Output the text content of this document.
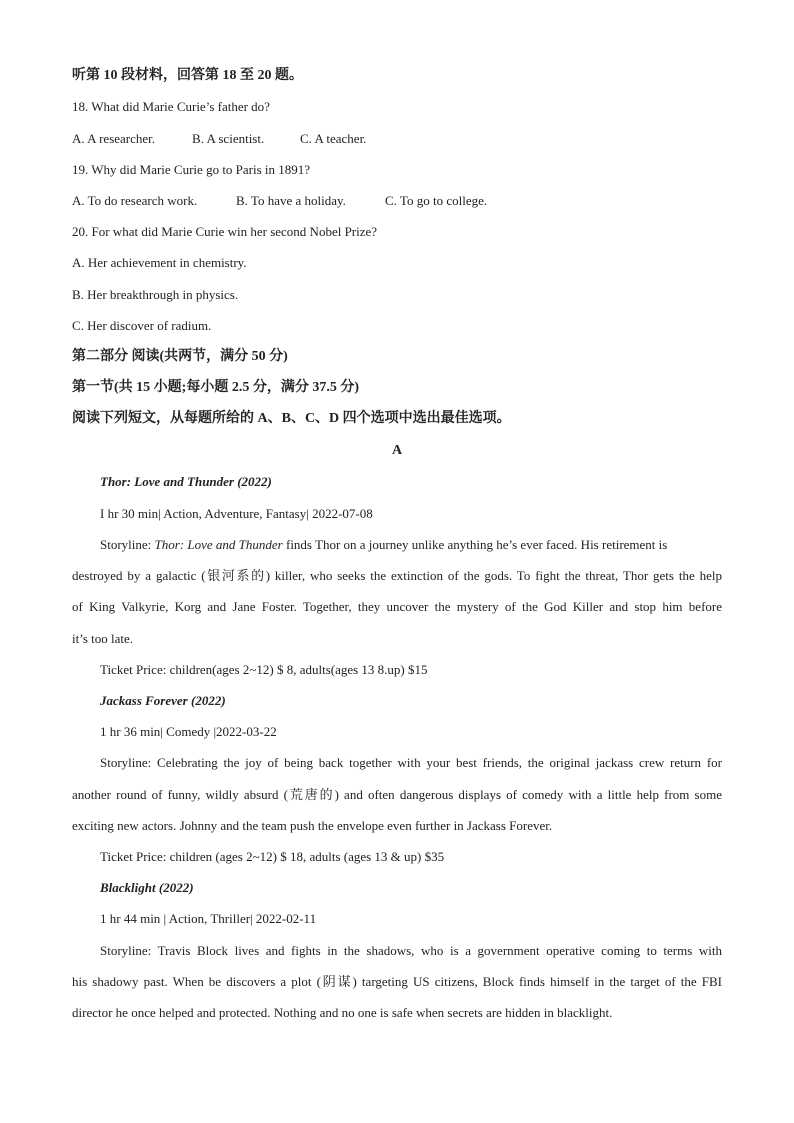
听第 10 段材料，回答第 18 至 20 题。
18. What did Marie Curie’s father do?
A. A researcher.	B. A scientist.	C. A teacher.
19. Why did Marie Curie go to Paris in 1891?
A. To do research work.	B. To have a holiday.	C. To go to college.
20. For what did Marie Curie win her second Nobel Prize?
A. Her achievement in chemistry.
B. Her breakthrough in physics.
C. Her discover of radium.
第二部分 阅读(共两节，满分 50 分)
第一节(共 15 小题;每小题 2.5 分，满分 37.5 分)
阅读下列短文，从每题所给的 A、B、C、D 四个选项中选出最佳选项。
A
Thor: Love and Thunder (2022)
I hr 30 min| Action, Adventure, Fantasy| 2022-07-08
Storyline: Thor: Love and Thunder finds Thor on a journey unlike anything he’s ever faced. His retirement is
destroyed by a galactic (银河系的) killer, who seeks the extinction of the gods. To fight the threat, Thor gets the help
of King Valkyrie, Korg and Jane Foster. Together, they uncover the mystery of the God Killer and stop him before
it’s too late.
Ticket Price: children(ages 2~12) $ 8, adults(ages 13 8.up) $15
Jackass Forever (2022)
1 hr 36 min| Comedy |2022-03-22
Storyline: Celebrating the joy of being back together with your best friends, the original jackass crew return for
another round of funny, wildly absurd (荒唐的) and often dangerous displays of comedy with a little help from some
exciting new actors. Johnny and the team push the envelope even further in Jackass Forever.
Ticket Price: children (ages 2~12) $ 18, adults (ages 13 & up) $35
Blacklight (2022)
1 hr 44 min | Action, Thriller| 2022-02-11
Storyline: Travis Block lives and fights in the shadows, who is a government operative coming to terms with
his shadowy past. When be discovers a plot (阴谋) targeting US citizens, Block finds himself in the target of the FBI
director he once helped and protected. Nothing and no one is safe when secrets are hidden in blacklight.
